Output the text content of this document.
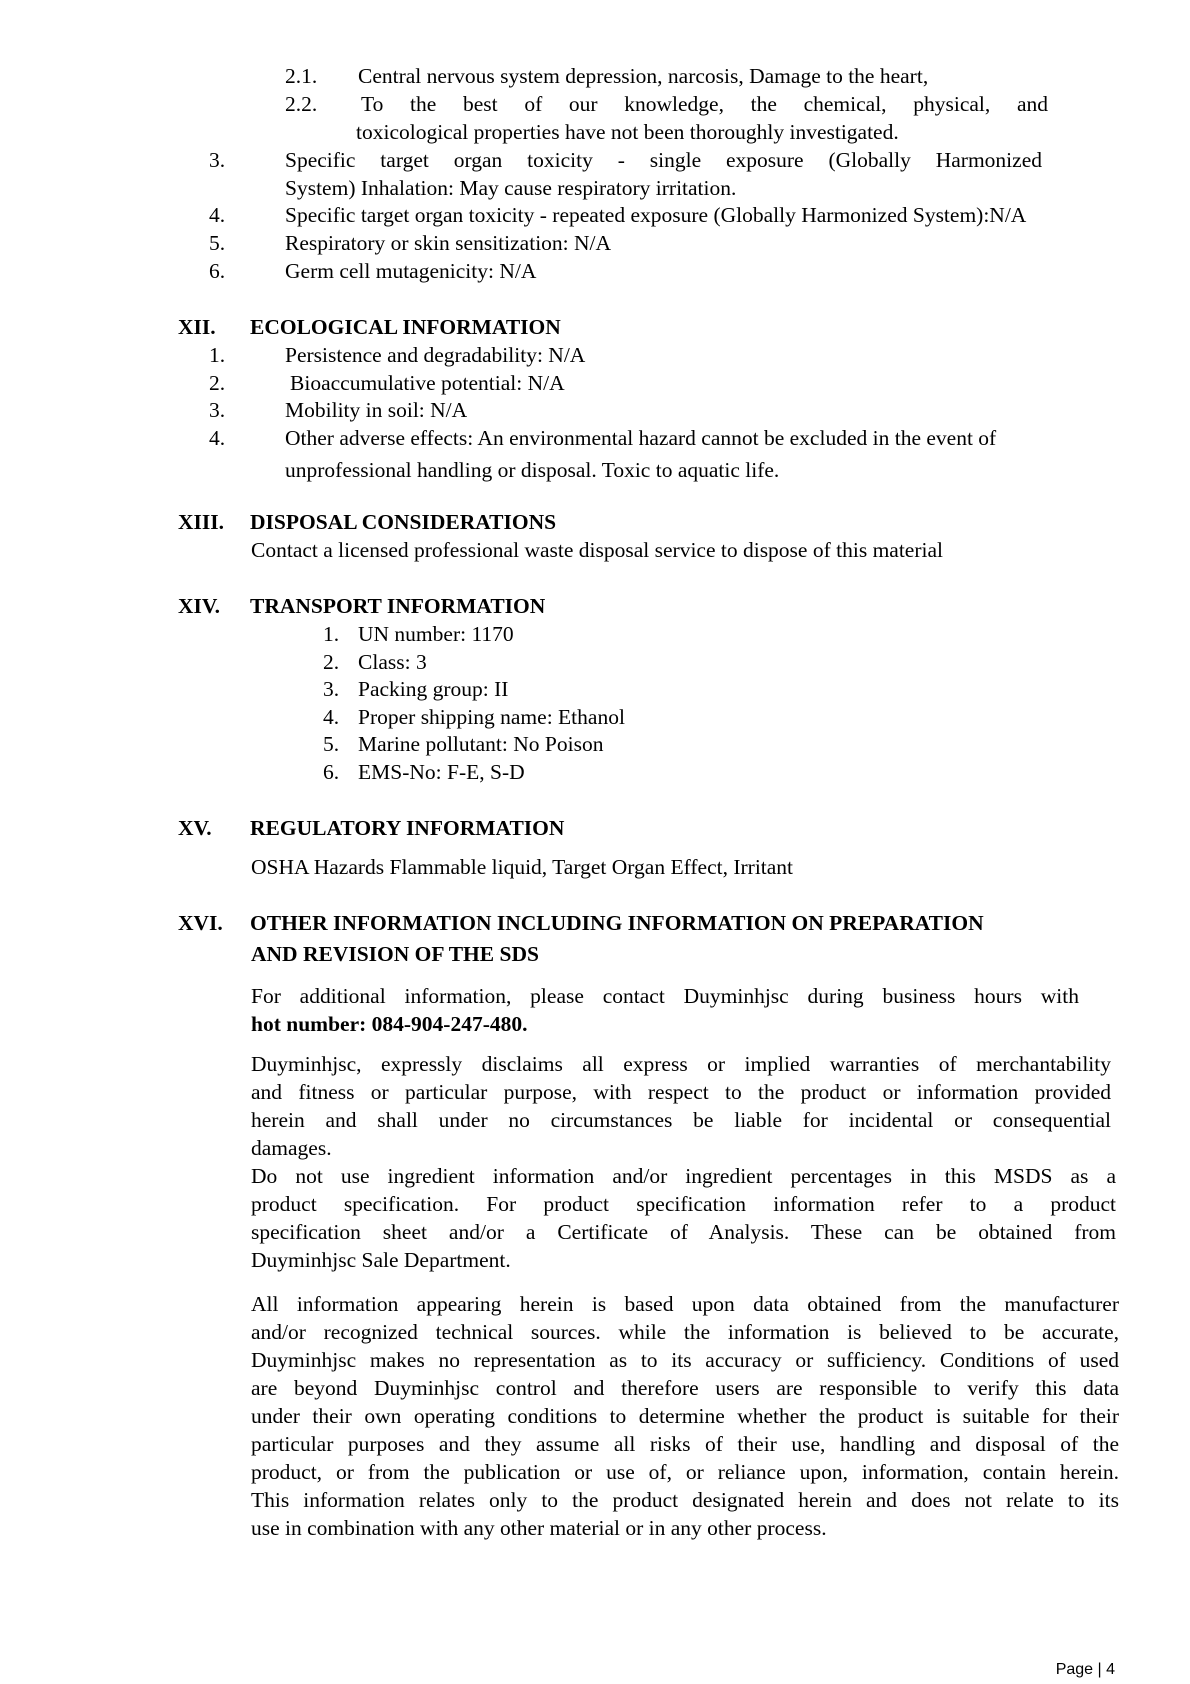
2.1. Central nervous system depression, narcosis, Damage to the heart,
2.2. To the best of our knowledge, the chemical, physical, and
toxicological properties have not been thoroughly investigated.
3.	Specific target organ toxicity - single exposure (Globally Harmonized
System) Inhalation: May cause respiratory irritation.
4.	Specific target organ toxicity - repeated exposure (Globally Harmonized System):N/A
5.	Respiratory or skin sensitization: N/A
6.	Germ cell mutagenicity: N/A
XII. ECOLOGICAL INFORMATION
1.	Persistence and degradability: N/A
2.	Bioaccumulative potential: N/A
3.	Mobility in soil: N/A
4.	Other adverse effects: An environmental hazard cannot be excluded in the event of
unprofessional handling or disposal. Toxic to aquatic life.
XIII. DISPOSAL CONSIDERATIONS
Contact a licensed professional waste disposal service to dispose of this material
XIV. TRANSPORT INFORMATION
1. UN number: 1170
2. Class: 3
3. Packing group: II
4. Proper shipping name: Ethanol
5. Marine pollutant: No Poison
6. EMS-No: F-E, S-D
XV. REGULATORY INFORMATION
OSHA Hazards Flammable liquid, Target Organ Effect, Irritant
XVI. OTHER INFORMATION INCLUDING INFORMATION ON PREPARATION
AND REVISION OF THE SDS
For additional information, please contact Duyminhjsc during business hours with
hot number: 084-904-247-480.
Duyminhjsc, expressly disclaims all express or implied warranties of merchantability
and fitness or particular purpose, with respect to the product or information provided
herein and shall under no circumstances be liable for incidental or consequential
damages.
Do not use ingredient information and/or ingredient percentages in this MSDS as a
product specification. For product specification information refer to a product
specification sheet and/or a Certificate of Analysis. These can be obtained from
Duyminhjsc Sale Department.
All information appearing herein is based upon data obtained from the manufacturer
and/or recognized technical sources. while the information is believed to be accurate,
Duyminhjsc makes no representation as to its accuracy or sufficiency. Conditions of used
are beyond Duyminhjsc control and therefore users are responsible to verify this data
under their own operating conditions to determine whether the product is suitable for their
particular purposes and they assume all risks of their use, handling and disposal of the
product, or from the publication or use of, or reliance upon, information, contain herein.
This information relates only to the product designated herein and does not relate to its
use in combination with any other material or in any other process.
Page | 4
